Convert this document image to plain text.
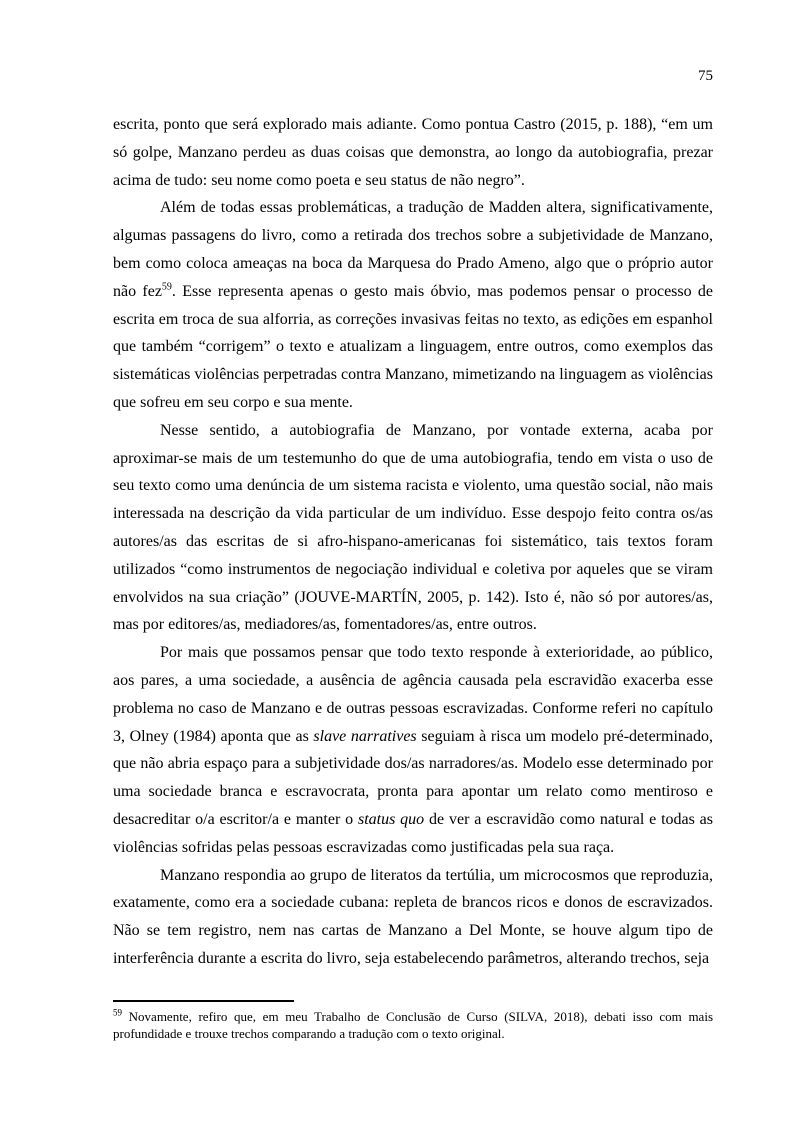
75

escrita, ponto que será explorado mais adiante. Como pontua Castro (2015, p. 188), “em um só golpe, Manzano perdeu as duas coisas que demonstra, ao longo da autobiografia, prezar acima de tudo: seu nome como poeta e seu status de não negro”.

Além de todas essas problemáticas, a tradução de Madden altera, significativamente, algumas passagens do livro, como a retirada dos trechos sobre a subjetividade de Manzano, bem como coloca ameaças na boca da Marquesa do Prado Ameno, algo que o próprio autor não fez$^{59}$. Esse representa apenas o gesto mais óbvio, mas podemos pensar o processo de escrita em troca de sua alforria, as correções invasivas feitas no texto, as edições em espanhol que também “corrigem” o texto e atualizam a linguagem, entre outros, como exemplos das sistemáticas violências perpetradas contra Manzano, mimetizando na linguagem as violências que sofreu em seu corpo e sua mente.

Nesse sentido, a autobiografia de Manzano, por vontade externa, acaba por aproximar-se mais de um testemunho do que de uma autobiografia, tendo em vista o uso de seu texto como uma denúncia de um sistema racista e violento, uma questão social, não mais interessada na descrição da vida particular de um indivíduo. Esse despojo feito contra os/as autores/as das escritas de si afro-hispano-americanas foi sistemático, tais textos foram utilizados “como instrumentos de negociação individual e coletiva por aqueles que se viram envolvidos na sua criação” (JOUVE-MARTÍN, 2005, p. 142). Isto é, não só por autores/as, mas por editores/as, mediadores/as, fomentadores/as, entre outros.

Por mais que possamos pensar que todo texto responde à exterioridade, ao público, aos pares, a uma sociedade, a ausência de agência causada pela escravidão exacerba esse problema no caso de Manzano e de outras pessoas escravizadas. Conforme referi no capítulo 3, Olney (1984) aponta que as slave narratives seguiam à risca um modelo pré-determinado, que não abria espaço para a subjetividade dos/as narradores/as. Modelo esse determinado por uma sociedade branca e escravocrata, pronta para apontar um relato como mentiroso e desacreditar o/a escritor/a e manter o status quo de ver a escravidão como natural e todas as violências sofridas pelas pessoas escravizadas como justificadas pela sua raça.

Manzano respondia ao grupo de literatos da tertúlia, um microcosmos que reproduzia, exatamente, como era a sociedade cubana: repleta de brancos ricos e donos de escravizados. Não se tem registro, nem nas cartas de Manzano a Del Monte, se houve algum tipo de interferência durante a escrita do livro, seja estabelecendo parâmetros, alterando trechos, seja

$^{59}$ Novamente, refiro que, em meu Trabalho de Conclusão de Curso (SILVA, 2018), debati isso com mais profundidade e trouxe trechos comparando a tradução com o texto original.
